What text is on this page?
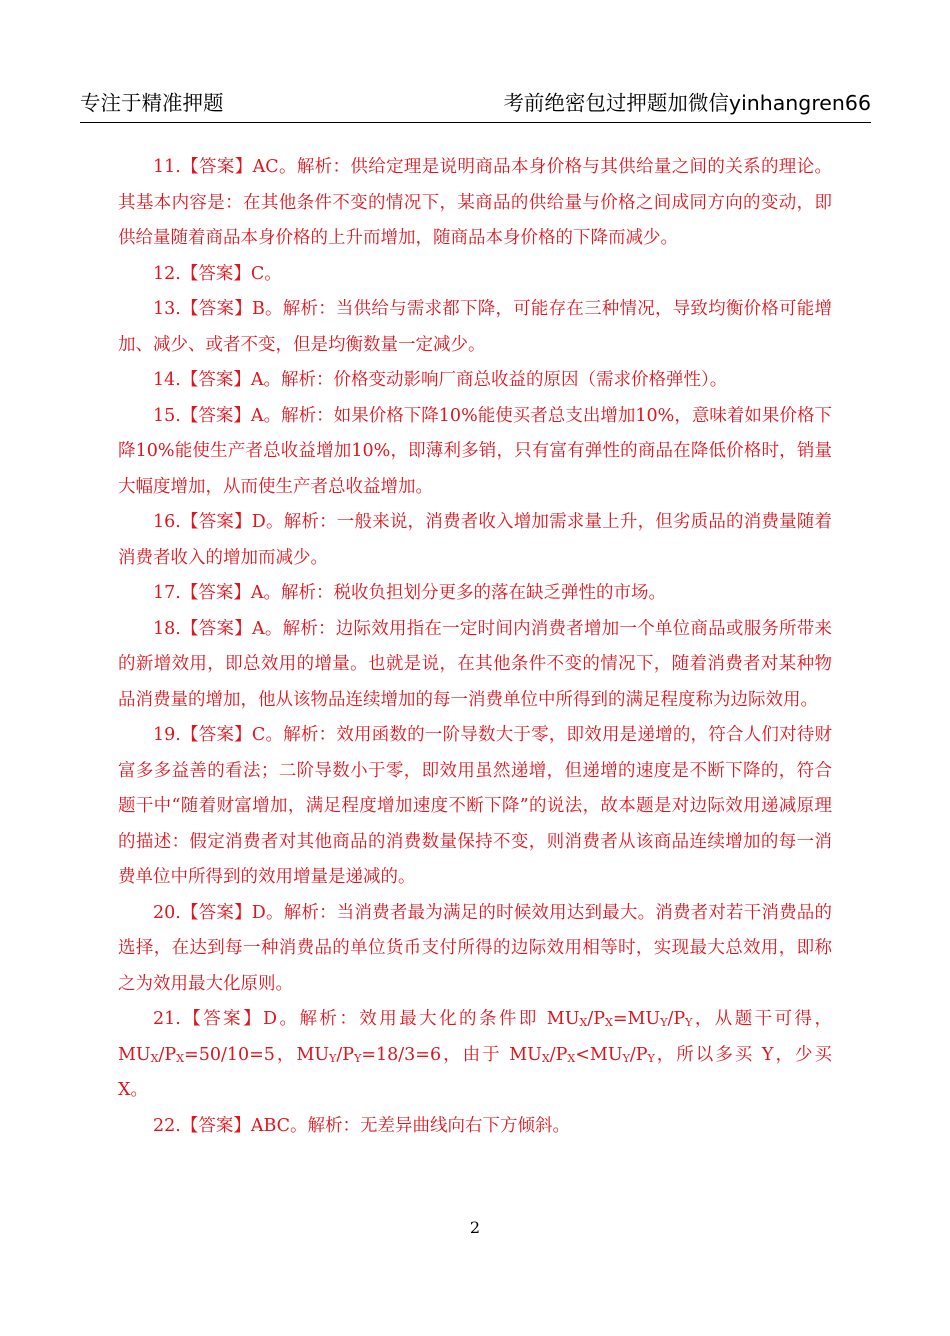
专注于精准押题	考前绝密包过押题加微信yinhangren66

11.【答案】AC。解析：供给定理是说明商品本身价格与其供给量之间的关系的理论。其基本内容是：在其他条件不变的情况下，某商品的供给量与价格之间成同方向的变动，即供给量随着商品本身价格的上升而增加，随商品本身价格的下降而减少。

12.【答案】C。

13.【答案】B。解析：当供给与需求都下降，可能存在三种情况，导致均衡价格可能增加、减少、或者不变，但是均衡数量一定减少。

14.【答案】A。解析：价格变动影响厂商总收益的原因（需求价格弹性）。

15.【答案】A。解析：如果价格下降10%能使买者总支出增加10%，意味着如果价格下降10%能使生产者总收益增加10%，即薄利多销，只有富有弹性的商品在降低价格时，销量大幅度增加，从而使生产者总收益增加。

16.【答案】D。解析：一般来说，消费者收入增加需求量上升，但劣质品的消费量随着消费者收入的增加而减少。

17.【答案】A。解析：税收负担划分更多的落在缺乏弹性的市场。

18.【答案】A。解析：边际效用指在一定时间内消费者增加一个单位商品或服务所带来的新增效用，即总效用的增量。也就是说，在其他条件不变的情况下，随着消费者对某种物品消费量的增加，他从该物品连续增加的每一消费单位中所得到的满足程度称为边际效用。

19.【答案】C。解析：效用函数的一阶导数大于零，即效用是递增的，符合人们对待财富多多益善的看法；二阶导数小于零，即效用虽然递增，但递增的速度是不断下降的，符合题干中“随着财富增加，满足程度增加速度不断下降”的说法，故本题是对边际效用递减原理的描述：假定消费者对其他商品的消费数量保持不变，则消费者从该商品连续增加的每一消费单位中所得到的效用增量是递减的。

20.【答案】D。解析：当消费者最为满足的时候效用达到最大。消费者对若干消费品的选择，在达到每一种消费品的单位货币支付所得的边际效用相等时，实现最大总效用，即称之为效用最大化原则。

21.【答案】D。解析：效用最大化的条件即 $MU_X/P_X=MU_Y/P_Y$，从题干可得，$MU_X/P_X=50/10=5$，$MU_Y/P_Y=18/3=6$，由于 $MU_X/P_X<MU_Y/P_Y$，所以多买 Y，少买 X。

22.【答案】ABC。解析：无差异曲线向右下方倾斜。

2
